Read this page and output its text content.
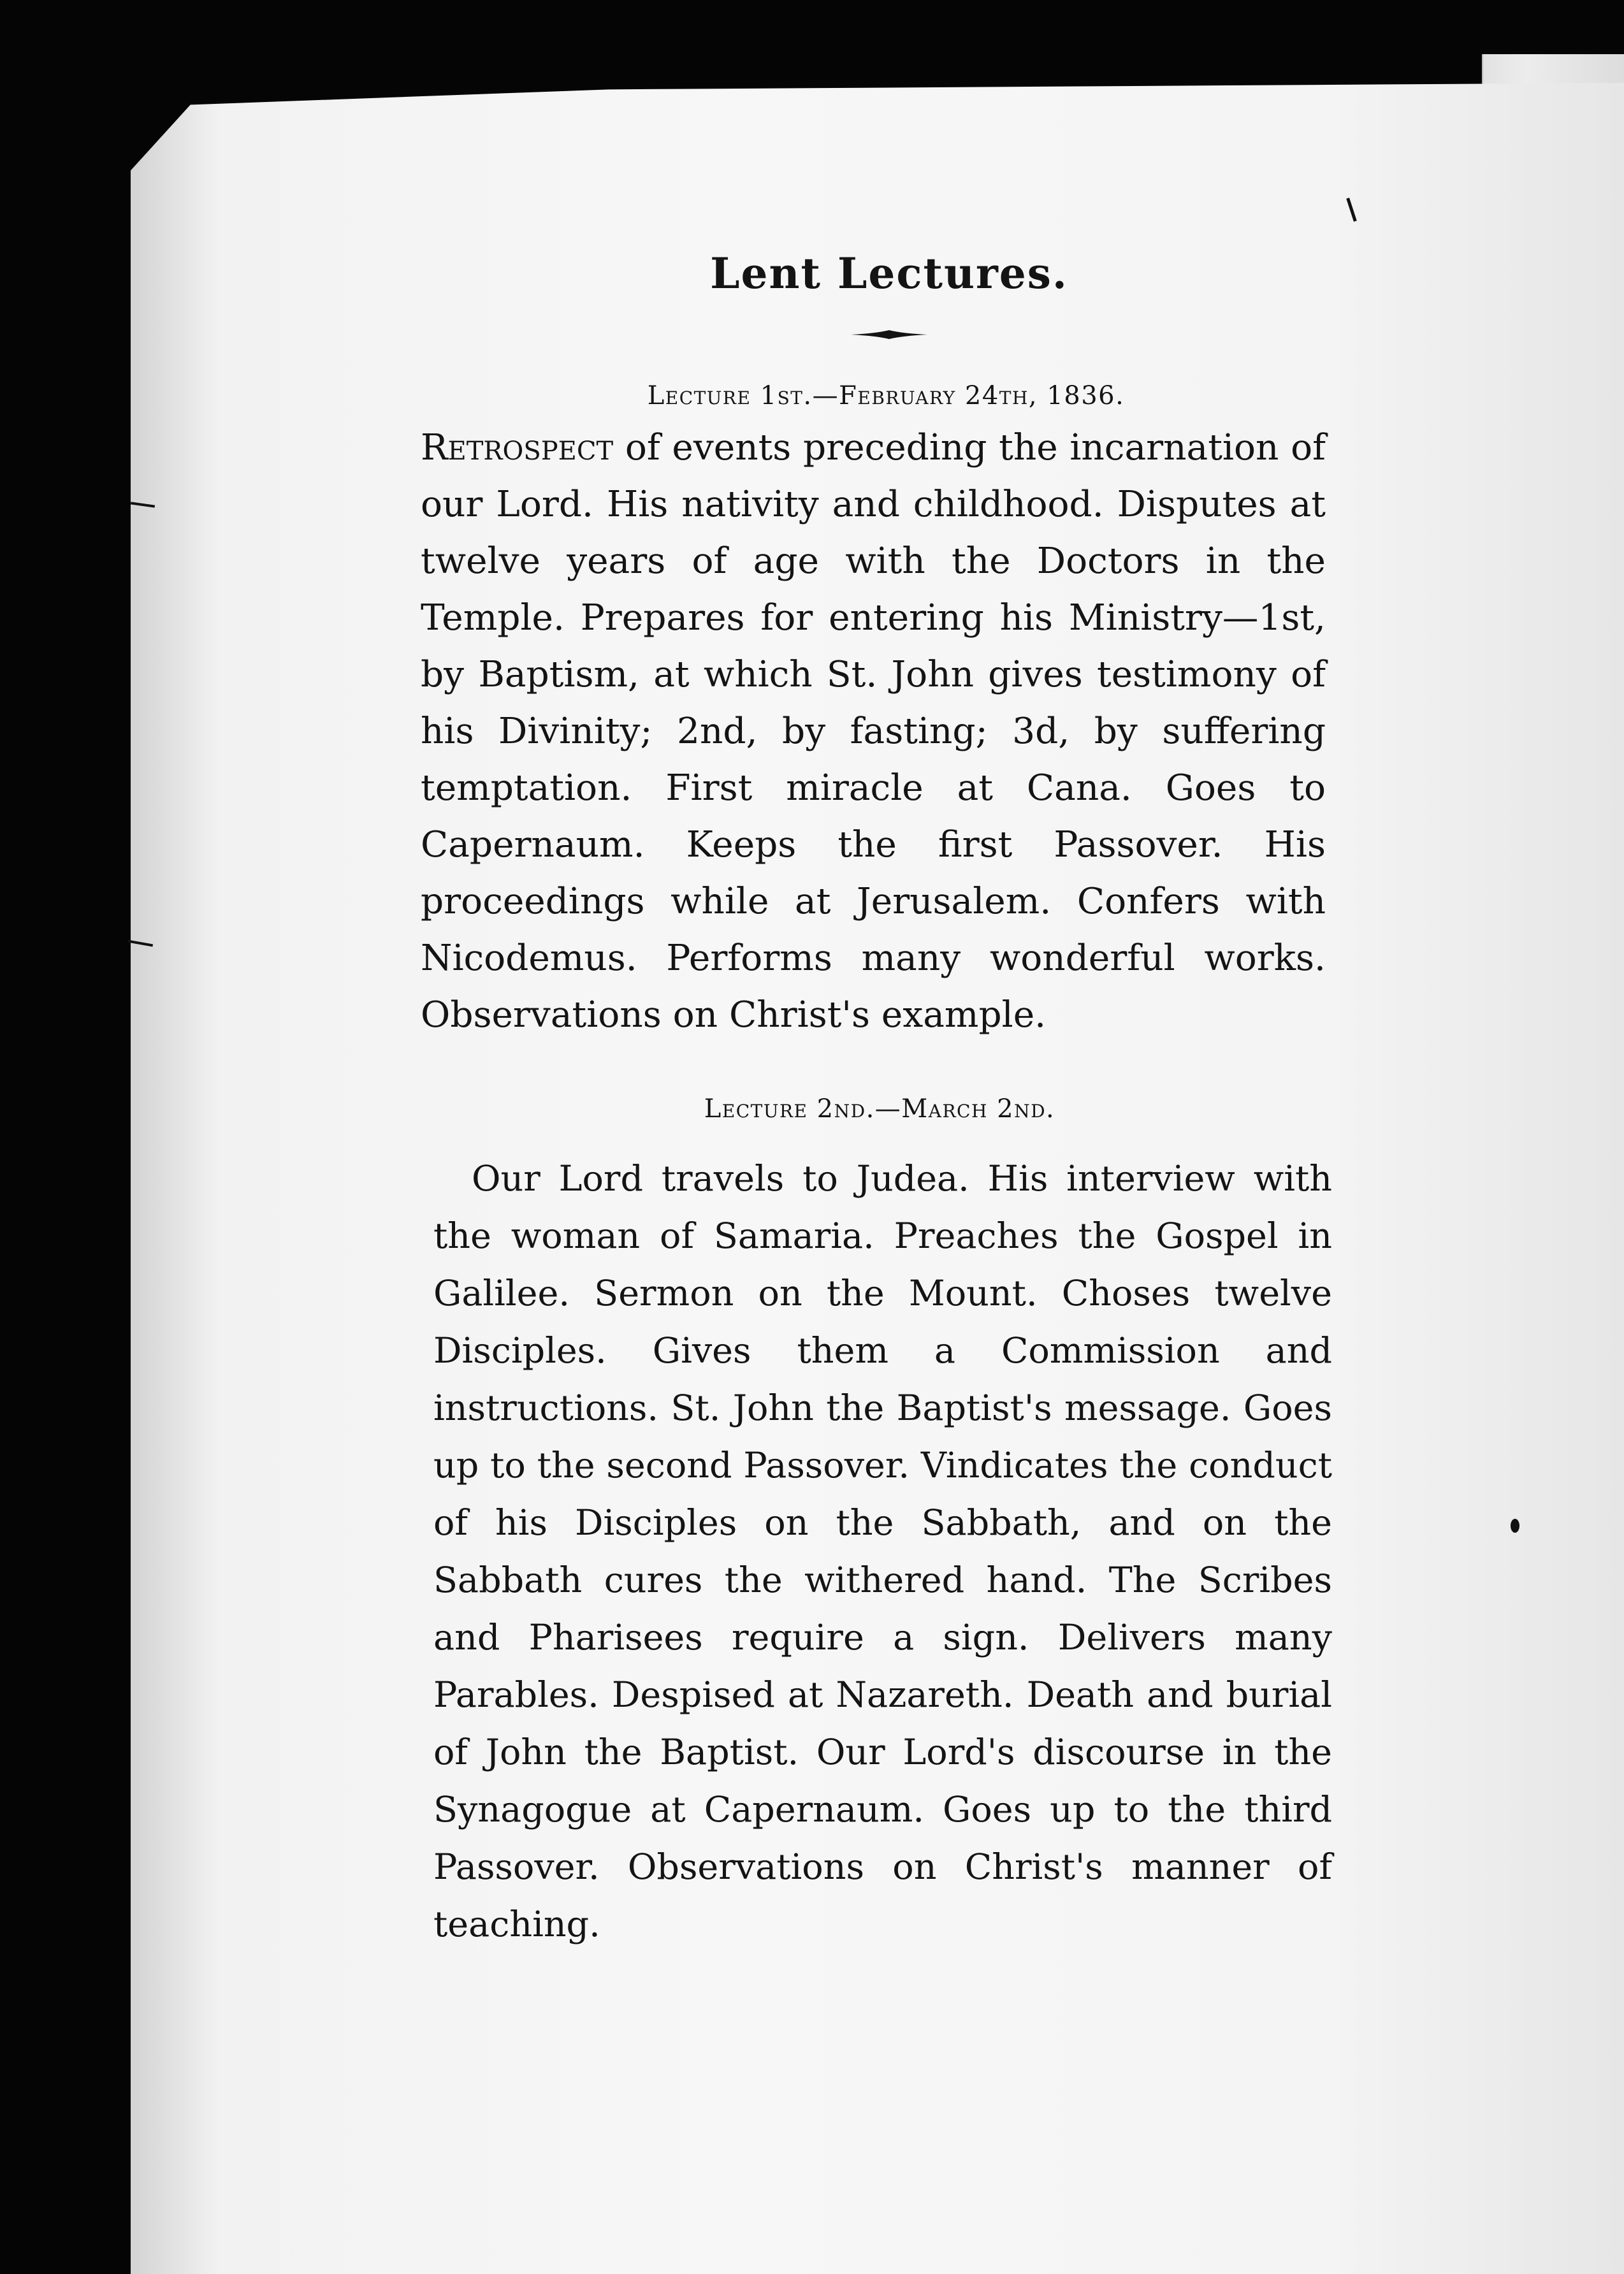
Lent Lectures.

Lecture 1st.—February 24th, 1836.

Retrospect of events preceding the incarnation of our Lord. His nativity and childhood. Disputes at twelve years of age with the Doctors in the Temple. Prepares for entering his Ministry—1st, by Baptism, at which St. John gives testimony of his Divinity; 2nd, by fasting; 3d, by suffering temptation. First miracle at Cana. Goes to Capernaum. Keeps the first Passover. His proceedings while at Jerusalem. Confers with Nicodemus. Performs many wonderful works. Observations on Christ's example.

Lecture 2nd.—March 2nd.

Our Lord travels to Judea. His interview with the woman of Samaria. Preaches the Gospel in Galilee. Sermon on the Mount. Choses twelve Disciples. Gives them a Commission and instructions. St. John the Baptist's message. Goes up to the second Passover. Vindicates the conduct of his Disciples on the Sabbath, and on the Sabbath cures the withered hand. The Scribes and Pharisees require a sign. Delivers many Parables. Despised at Nazareth. Death and burial of John the Baptist. Our Lord's discourse in the Synagogue at Capernaum. Goes up to the third Passover. Observations on Christ's manner of teaching.
